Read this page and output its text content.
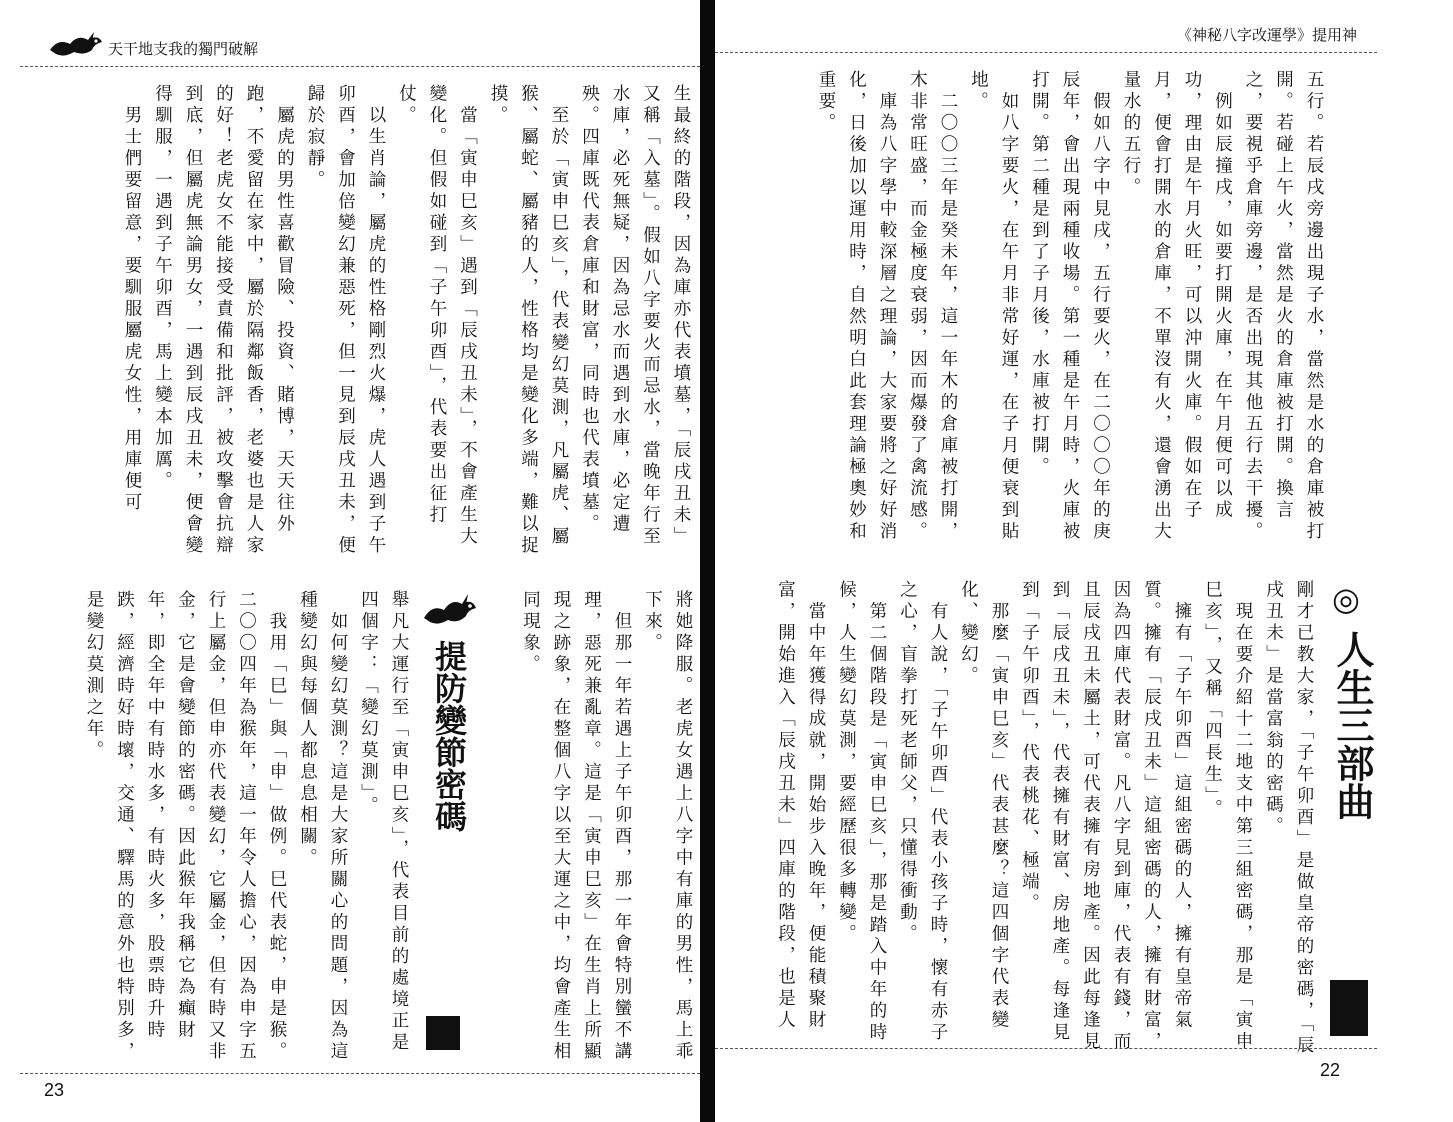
天干地支我的獨門破解
生最終的階段，因為庫亦代表墳墓，「辰戌丑未」又稱「入墓」。假如八字要火而忌水，當晚年行至水庫，必死無疑，因為忌水而遇到水庫，必定遭殃。四庫既代表倉庫和財富，同時也代表墳墓。
　至於「寅申巳亥」，代表變幻莫測，凡屬虎、屬猴、屬蛇、屬豬的人，性格均是變化多端，難以捉摸。
　當「寅申巳亥」遇到「辰戌丑未」，不會產生大變化。但假如碰到「子午卯酉」，代表要出征打仗。
　以生肖論，屬虎的性格剛烈火爆，虎人遇到子午卯酉，會加倍變幻兼惡死，但一見到辰戌丑未，便歸於寂靜。
　屬虎的男性喜歡冒險、投資、賭博，天天往外跑，不愛留在家中，屬於隔鄰飯香，老婆也是人家的好！老虎女不能接受責備和批評，被攻擊會抗辯到底，但屬虎無論男女，一遇到辰戌丑未，便會變得馴服，一遇到子午卯酉，馬上變本加厲。
　男士們要留意，要馴服屬虎女性，用庫便可
將她降服。老虎女遇上八字中有庫的男性，馬上乖下來。
　但那一年若遇上子午卯酉，那一年會特別蠻不講理，惡死兼亂章。這是「寅申巳亥」在生肖上所顯現之跡象，在整個八字以至大運之中，均會產生相同現象。
提防變節密碼
舉凡大運行至「寅申巳亥」，代表目前的處境正是四個字：「變幻莫測」。
　如何變幻莫測？這是大家所關心的問題，因為這種變幻與每個人都息息相關。
　我用「巳」與「申」做例。巳代表蛇，申是猴。二〇〇四年為猴年，這一年令人擔心，因為申字五行上屬金，但申亦代表變幻，它屬金，但有時又非金，它是會變節的密碼。因此猴年我稱它為癲財年，即全年中有時水多，有時火多，股票時升時跌，經濟時好時壞，交通、驛馬的意外也特別多，是變幻莫測之年。
23
《神秘八字改運學》提用神
五行。若辰戌旁邊出現子水，當然是水的倉庫被打開。若碰上午火，當然是火的倉庫被打開。換言之，要視乎倉庫旁邊，是否出現其他五行去干擾。
　例如辰撞戌，如要打開火庫，在午月便可以成功，理由是午月火旺，可以沖開火庫。假如在子月，便會打開水的倉庫，不單沒有火，還會湧出大量水的五行。
　假如八字中見戌，五行要火，在二〇〇〇年的庚辰年，會出現兩種收場。第一種是午月時，火庫被打開。第二種是到了子月後，水庫被打開。
　如八字要火，在午月非常好運，在子月便衰到貼地。
　二〇〇三年是癸未年，這一年木的倉庫被打開，木非常旺盛，而金極度衰弱，因而爆發了禽流感。
　庫為八字學中較深層之理論，大家要將之好好消化，日後加以運用時，自然明白此套理論極奧妙和重要。
◎
人生三部曲
剛才已教大家，「子午卯酉」是做皇帝的密碼，「辰戌丑未」是當富翁的密碼。
　現在要介紹十二地支中第三組密碼，那是「寅申巳亥」，又稱「四長生」。
　擁有「子午卯酉」這組密碼的人，擁有皇帝氣質。擁有「辰戌丑未」這組密碼的人，擁有財富，因為四庫代表財富。凡八字見到庫，代表有錢，而且辰戌丑未屬土，可代表擁有房地產。因此每逢見到「辰戌丑未」，代表擁有財富、房地產。每逢見到「子午卯酉」，代表桃花、極端。
　那麼「寅申巳亥」代表甚麼？這四個字代表變化、變幻。
　有人說，「子午卯酉」代表小孩子時，懷有赤子之心，盲拳打死老師父，只懂得衝動。
　第二個階段是「寅申巳亥」，那是踏入中年的時候，人生變幻莫測，要經歷很多轉變。
　當中年獲得成就，開始步入晚年，便能積聚財富，開始進入「辰戌丑未」四庫的階段，也是人
22
